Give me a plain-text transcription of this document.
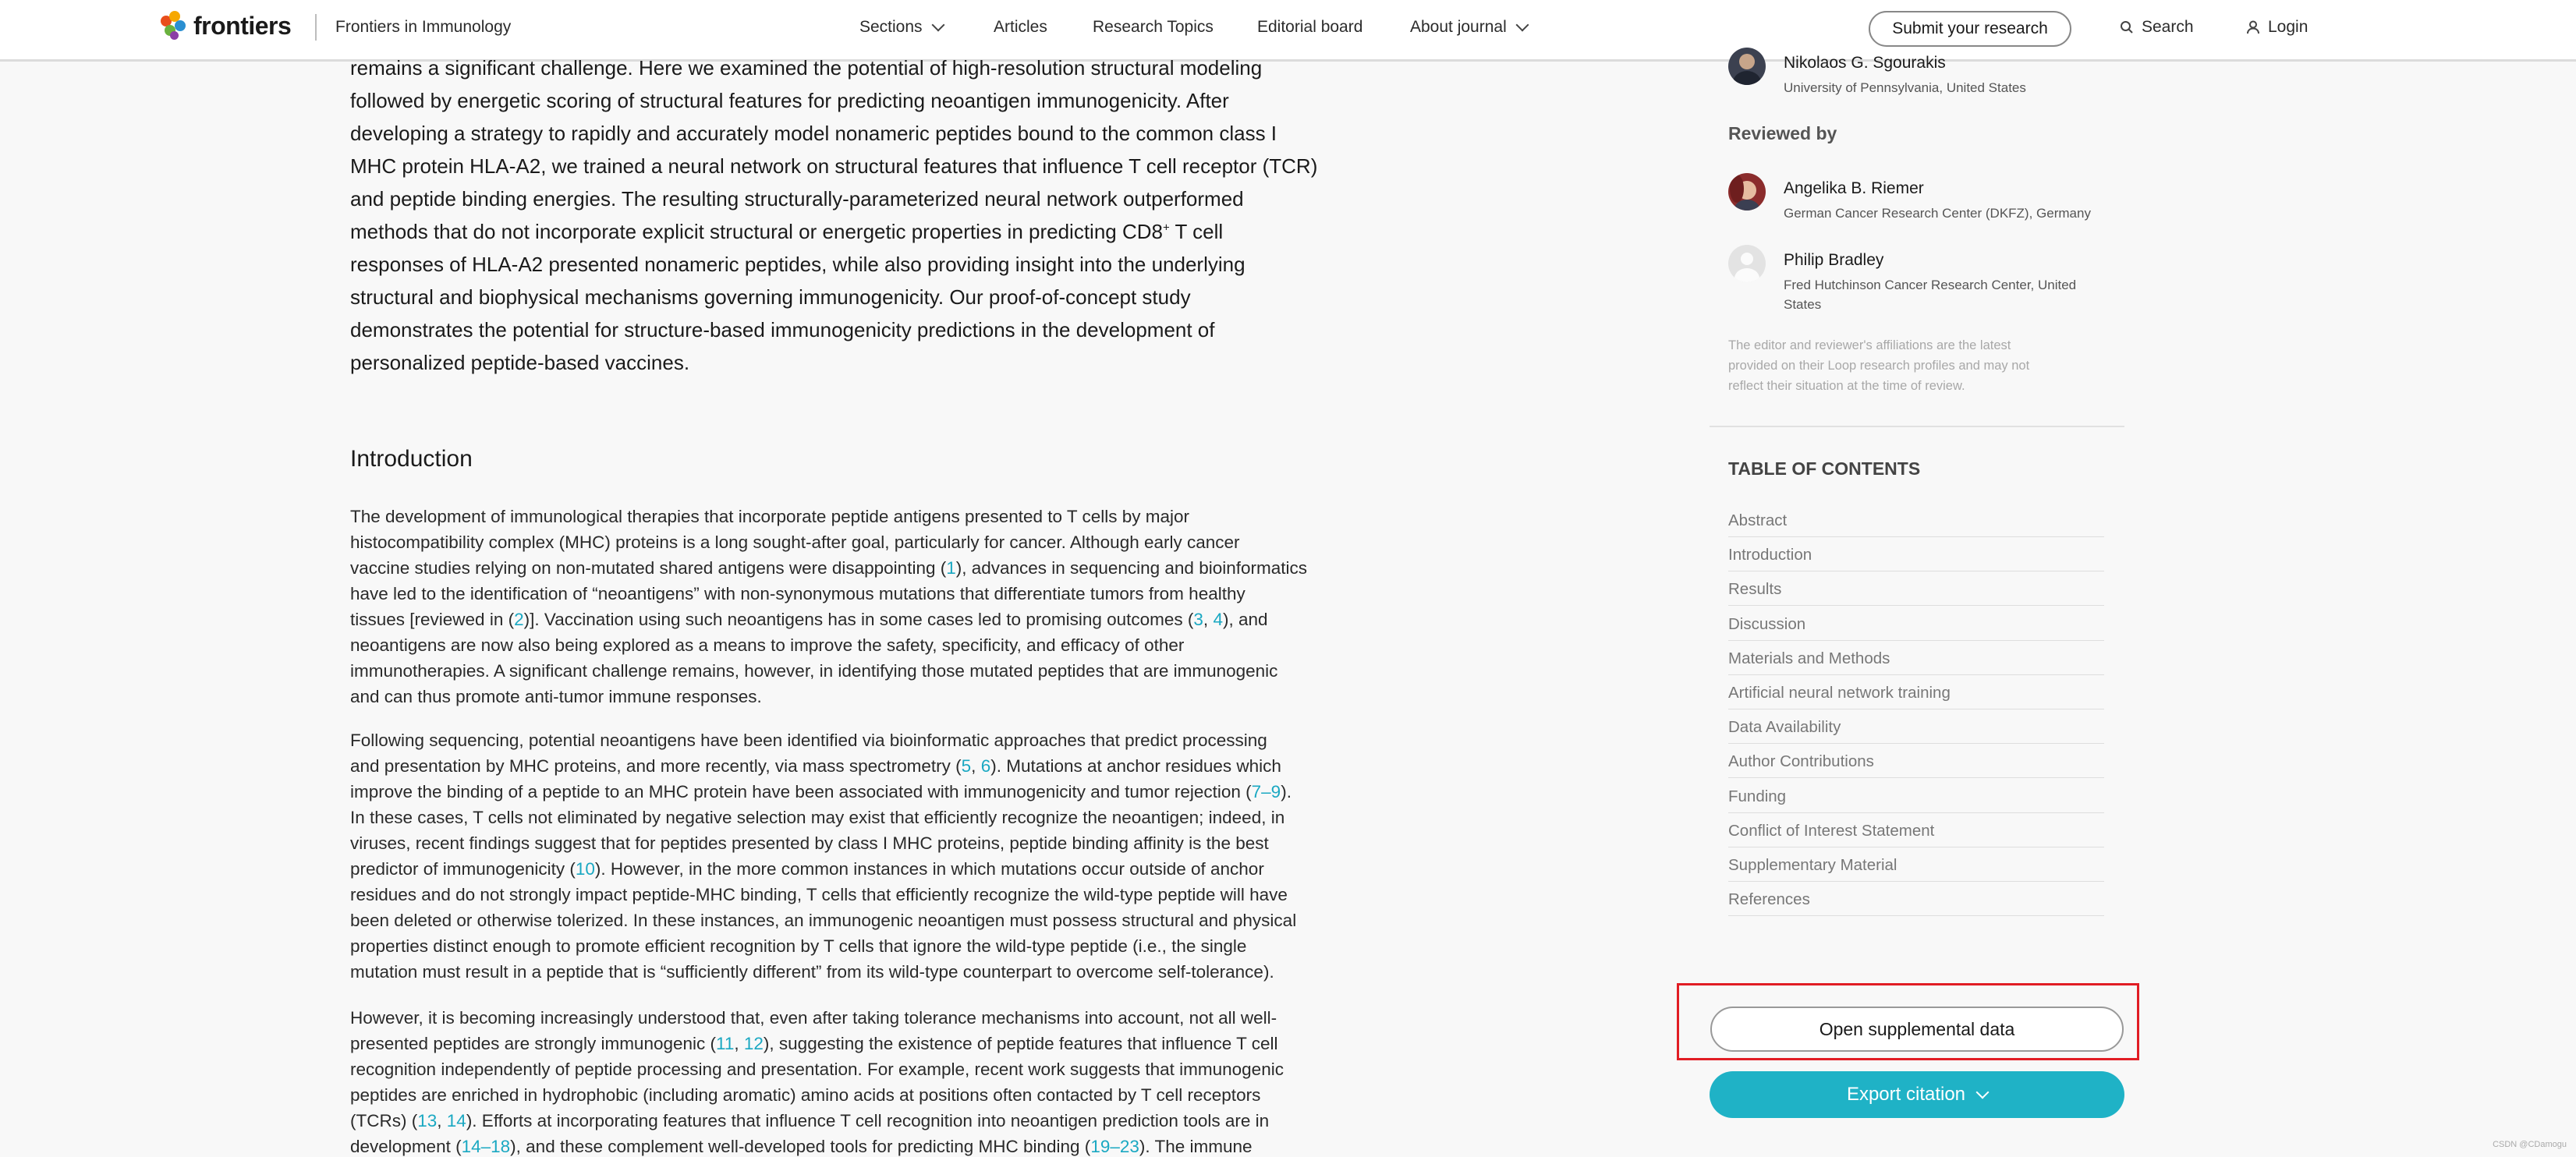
frontiers	Frontiers in Immunology	Sections	Articles	Research Topics	Editorial board	About journal	Submit your research	Search	Login
remains a significant challenge. Here we examined the potential of high-resolution structural modeling
followed by energetic scoring of structural features for predicting neoantigen immunogenicity. After
developing a strategy to rapidly and accurately model nonameric peptides bound to the common class I
MHC protein HLA-A2, we trained a neural network on structural features that influence T cell receptor (TCR)
and peptide binding energies. The resulting structurally-parameterized neural network outperformed
methods that do not incorporate explicit structural or energetic properties in predicting CD8+ T cell
responses of HLA-A2 presented nonameric peptides, while also providing insight into the underlying
structural and biophysical mechanisms governing immunogenicity. Our proof-of-concept study
demonstrates the potential for structure-based immunogenicity predictions in the development of
personalized peptide-based vaccines.
Introduction
The development of immunological therapies that incorporate peptide antigens presented to T cells by major
histocompatibility complex (MHC) proteins is a long sought-after goal, particularly for cancer. Although early cancer
vaccine studies relying on non-mutated shared antigens were disappointing (1), advances in sequencing and bioinformatics
have led to the identification of “neoantigens” with non-synonymous mutations that differentiate tumors from healthy
tissues [reviewed in (2)]. Vaccination using such neoantigens has in some cases led to promising outcomes (3, 4), and
neoantigens are now also being explored as a means to improve the safety, specificity, and efficacy of other
immunotherapies. A significant challenge remains, however, in identifying those mutated peptides that are immunogenic
and can thus promote anti-tumor immune responses.
Following sequencing, potential neoantigens have been identified via bioinformatic approaches that predict processing
and presentation by MHC proteins, and more recently, via mass spectrometry (5, 6). Mutations at anchor residues which
improve the binding of a peptide to an MHC protein have been associated with immunogenicity and tumor rejection (7–9).
In these cases, T cells not eliminated by negative selection may exist that efficiently recognize the neoantigen; indeed, in
viruses, recent findings suggest that for peptides presented by class I MHC proteins, peptide binding affinity is the best
predictor of immunogenicity (10). However, in the more common instances in which mutations occur outside of anchor
residues and do not strongly impact peptide-MHC binding, T cells that efficiently recognize the wild-type peptide will have
been deleted or otherwise tolerized. In these instances, an immunogenic neoantigen must possess structural and physical
properties distinct enough to promote efficient recognition by T cells that ignore the wild-type peptide (i.e., the single
mutation must result in a peptide that is “sufficiently different” from its wild-type counterpart to overcome self-tolerance).
However, it is becoming increasingly understood that, even after taking tolerance mechanisms into account, not all well-
presented peptides are strongly immunogenic (11, 12), suggesting the existence of peptide features that influence T cell
recognition independently of peptide processing and presentation. For example, recent work suggests that immunogenic
peptides are enriched in hydrophobic (including aromatic) amino acids at positions often contacted by T cell receptors
(TCRs) (13, 14). Efforts at incorporating features that influence T cell recognition into neoantigen prediction tools are in
development (14–18), and these complement well-developed tools for predicting MHC binding (19–23). The immune
Nikolaos G. Sgourakis
University of Pennsylvania, United States
Reviewed by
Angelika B. Riemer
German Cancer Research Center (DKFZ), Germany
Philip Bradley
Fred Hutchinson Cancer Research Center, United
States
The editor and reviewer's affiliations are the latest
provided on their Loop research profiles and may not
reflect their situation at the time of review.
TABLE OF CONTENTS
Abstract
Introduction
Results
Discussion
Materials and Methods
Artificial neural network training
Data Availability
Author Contributions
Funding
Conflict of Interest Statement
Supplementary Material
References
Open supplemental data
Export citation
CSDN @CDamogu
